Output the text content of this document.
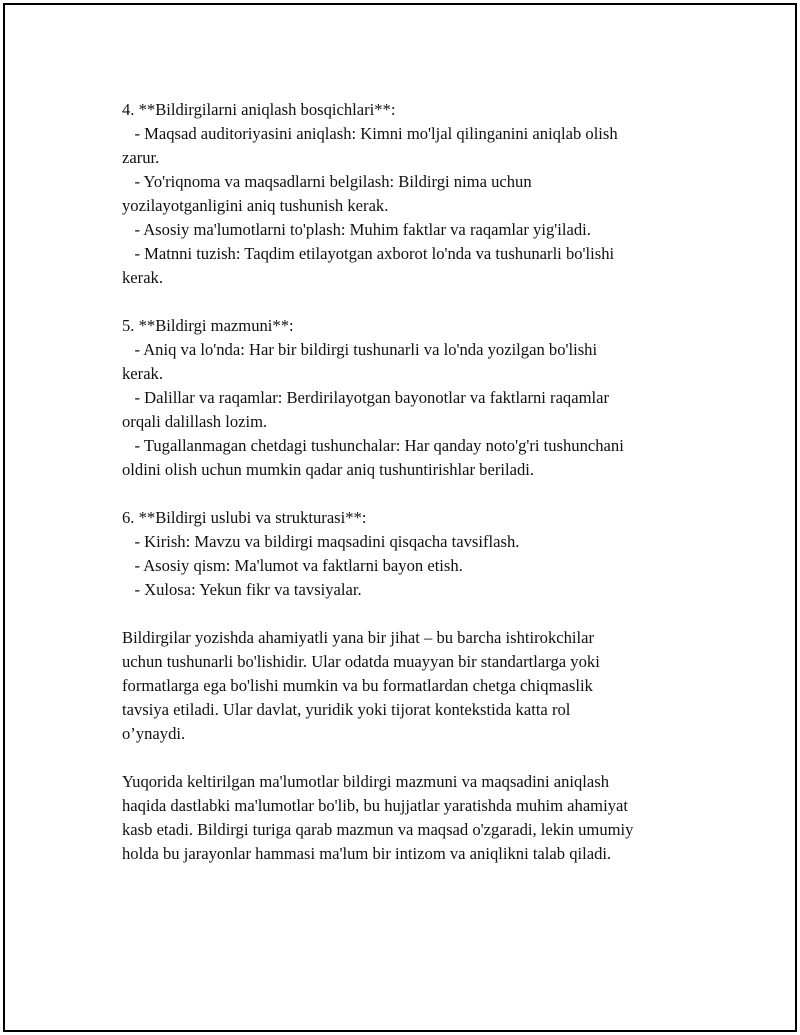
4. **Bildirgilarni aniqlash bosqichlari**:
- Maqsad auditoriyasini aniqlash: Kimni mo'ljal qilinganini aniqlab olish
zarur.
- Yo'riqnoma va maqsadlarni belgilash: Bildirgi nima uchun
yozilayotganligini aniq tushunish kerak.
- Asosiy ma'lumotlarni to'plash: Muhim faktlar va raqamlar yig'iladi.
- Matnni tuzish: Taqdim etilayotgan axborot lo'nda va tushunarli bo'lishi
kerak.
5. **Bildirgi mazmuni**:
- Aniq va lo'nda: Har bir bildirgi tushunarli va lo'nda yozilgan bo'lishi
kerak.
- Dalillar va raqamlar: Berdirilayotgan bayonotlar va faktlarni raqamlar
orqali dalillash lozim.
- Tugallanmagan chetdagi tushunchalar: Har qanday noto'g'ri tushunchani
oldini olish uchun mumkin qadar aniq tushuntirishlar beriladi.
6. **Bildirgi uslubi va strukturasi**:
- Kirish: Mavzu va bildirgi maqsadini qisqacha tavsiflash.
- Asosiy qism: Ma'lumot va faktlarni bayon etish.
- Xulosa: Yekun fikr va tavsiyalar.
Bildirgilar yozishda ahamiyatli yana bir jihat – bu barcha ishtirokchilar
uchun tushunarli bo'lishidir. Ular odatda muayyan bir standartlarga yoki
formatlarga ega bo'lishi mumkin va bu formatlardan chetga chiqmaslik
tavsiya etiladi. Ular davlat, yuridik yoki tijorat kontekstida katta rol
o’ynaydi.
Yuqorida keltirilgan ma'lumotlar bildirgi mazmuni va maqsadini aniqlash
haqida dastlabki ma'lumotlar bo'lib, bu hujjatlar yaratishda muhim ahamiyat
kasb etadi. Bildirgi turiga qarab mazmun va maqsad o'zgaradi, lekin umumiy
holda bu jarayonlar hammasi ma'lum bir intizom va aniqlikni talab qiladi.
